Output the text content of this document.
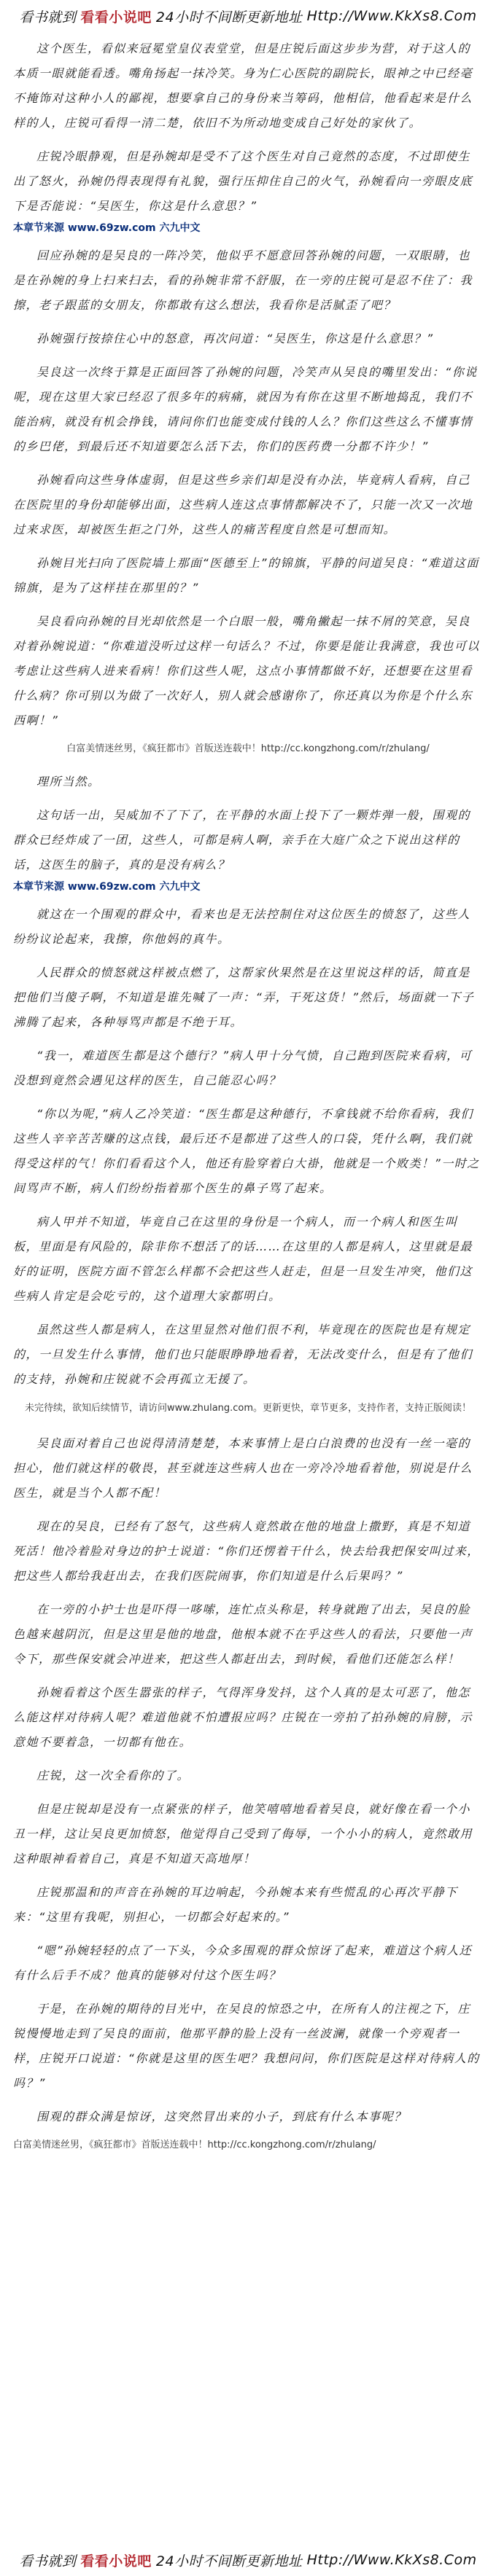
看书就到 看看小说吧 24小时不间断更新地址 Http://Www.KkXs8.Com

这个医生，看似来冠冕堂皇仪表堂堂，但是庄锐后面这步步为营，对于这人的本质一眼就能看透。嘴角扬起一抹冷笑。身为仁心医院的副院长，眼神之中已经毫不掩饰对这种小人的鄙视，想要拿自己的身份来当筹码，他相信，他看起来是什么样的人，庄锐可看得一清二楚，依旧不为所动地变成自己好处的家伙了。

庄锐冷眼静观，但是孙婉却是受不了这个医生对自己竟然的态度，不过即使生出了怒火，孙婉仍得表现得有礼貌，强行压抑住自己的火气，孙婉看向一旁眼皮底下是否能说：“吴医生，你这是什么意思？”

本章节来源 www.69zw.com 六九中文

回应孙婉的是吴良的一阵冷笑，他似乎不愿意回答孙婉的问题，一双眼睛，也是在孙婉的身上扫来扫去，看的孙婉非常不舒服，在一旁的庄锐可是忍不住了：我擦，老子跟蓝的女朋友，你都敢有这么想法，我看你是活腻歪了吧？

孙婉强行按捺住心中的怒意，再次问道：“吴医生，你这是什么意思？”

吴良这一次终于算是正面回答了孙婉的问题，冷笑声从吴良的嘴里发出：“你说呢，现在这里大家已经忍了很多年的病痛，就因为有你在这里不断地捣乱，我们不能治病，就没有机会挣钱，请问你们也能变成付钱的人么？你们这些这么不懂事情的乡巴佬，到最后还不知道要怎么活下去，你们的医药费一分都不许少！”

孙婉看向这些身体虚弱，但是这些乡亲们却是没有办法，毕竟病人看病，自己在医院里的身份却能够出面，这些病人连这点事情都解决不了，只能一次又一次地过来求医，却被医生拒之门外，这些人的痛苦程度自然是可想而知。

孙婉目光扫向了医院墙上那面“医德至上”的锦旗，平静的问道吴良：“难道这面锦旗，是为了这样挂在那里的？”

吴良看向孙婉的目光却依然是一个白眼一般，嘴角撇起一抹不屑的笑意，吴良对着孙婉说道：“你难道没听过这样一句话么？不过，你要是能让我满意，我也可以考虑让这些病人进来看病！你们这些人呢，这点小事情都做不好，还想要在这里看什么病？你可别以为做了一次好人，别人就会感谢你了，你还真以为你是个什么东西啊！”

白富美情迷丝男，《疯狂都市》首版送连载中！http://cc.kongzhong.com/r/zhulang/

理所当然。

这句话一出，吴威加不了下了，在平静的水面上投下了一颗炸弹一般，围观的群众已经炸成了一团，这些人，可都是病人啊，亲手在大庭广众之下说出这样的话，这医生的脑子，真的是没有病么？

本章节来源 www.69zw.com 六九中文

就这在一个围观的群众中，看来也是无法控制住对这位医生的愤怒了，这些人纷纷议论起来，我擦，你他妈的真牛。

人民群众的愤怒就这样被点燃了，这帮家伙果然是在这里说这样的话，简直是把他们当傻子啊，不知道是谁先喊了一声：“弄，干死这货！”然后，场面就一下子沸腾了起来，各种辱骂声都是不绝于耳。

“我一，难道医生都是这个德行？”病人甲十分气愤，自己跑到医院来看病，可没想到竟然会遇见这样的医生，自己能忍心吗？

“你以为呢，”病人乙冷笑道：“医生都是这种德行，不拿钱就不给你看病，我们这些人辛辛苦苦赚的这点钱，最后还不是都进了这些人的口袋，凭什么啊，我们就得受这样的气！你们看看这个人，他还有脸穿着白大褂，他就是一个败类！”一时之间骂声不断，病人们纷纷指着那个医生的鼻子骂了起来。

病人甲并不知道，毕竟自己在这里的身份是一个病人，而一个病人和医生叫板，里面是有风险的，除非你不想活了的话……在这里的人都是病人，这里就是最好的证明，医院方面不管怎么样都不会把这些人赶走，但是一旦发生冲突，他们这些病人肯定是会吃亏的，这个道理大家都明白。

虽然这些人都是病人，在这里显然对他们很不利，毕竟现在的医院也是有规定的，一旦发生什么事情，他们也只能眼睁睁地看着，无法改变什么，但是有了他们的支持，孙婉和庄锐就不会再孤立无援了。

未完待续，欲知后续情节，请访问www.zhulang.com。更新更快，章节更多，支持作者，支持正版阅读！

吴良面对着自己也说得清清楚楚，本来事情上是白白浪费的也没有一丝一毫的担心，他们就这样的敬畏，甚至就连这些病人也在一旁冷冷地看着他，别说是什么医生，就是当个人都不配！

现在的吴良，已经有了怒气，这些病人竟然敢在他的地盘上撒野，真是不知道死活！他冷着脸对身边的护士说道：“你们还愣着干什么，快去给我把保安叫过来，把这些人都给我赶出去，在我们医院闹事，你们知道是什么后果吗？”

在一旁的小护士也是吓得一哆嗦，连忙点头称是，转身就跑了出去，吴良的脸色越来越阴沉，但是这里是他的地盘，他根本就不在乎这些人的看法，只要他一声令下，那些保安就会冲进来，把这些人都赶出去，到时候，看他们还能怎么样！

孙婉看着这个医生嚣张的样子，气得浑身发抖，这个人真的是太可恶了，他怎么能这样对待病人呢？难道他就不怕遭报应吗？庄锐在一旁拍了拍孙婉的肩膀，示意她不要着急，一切都有他在。

庄锐，这一次全看你的了。

但是庄锐却是没有一点紧张的样子，他笑嘻嘻地看着吴良，就好像在看一个小丑一样，这让吴良更加愤怒，他觉得自己受到了侮辱，一个小小的病人，竟然敢用这种眼神看着自己，真是不知道天高地厚！

庄锐那温和的声音在孙婉的耳边响起，今孙婉本来有些慌乱的心再次平静下来：“这里有我呢，别担心，一切都会好起来的。”

“嗯”孙婉轻轻的点了一下头，今众多围观的群众惊讶了起来，难道这个病人还有什么后手不成？他真的能够对付这个医生吗？

于是，在孙婉的期待的目光中，在吴良的惊恐之中，在所有人的注视之下，庄锐慢慢地走到了吴良的面前，他那平静的脸上没有一丝波澜，就像一个旁观者一样，庄锐开口说道：“你就是这里的医生吧？我想问问，你们医院是这样对待病人的吗？”

围观的群众满是惊讶，这突然冒出来的小子，到底有什么本事呢？

白富美情迷丝男，《疯狂都市》首版送连载中！http://cc.kongzhong.com/r/zhulang/
看书就到 看看小说吧 24小时不间断更新地址 Http://Www.KkXs8.Com
